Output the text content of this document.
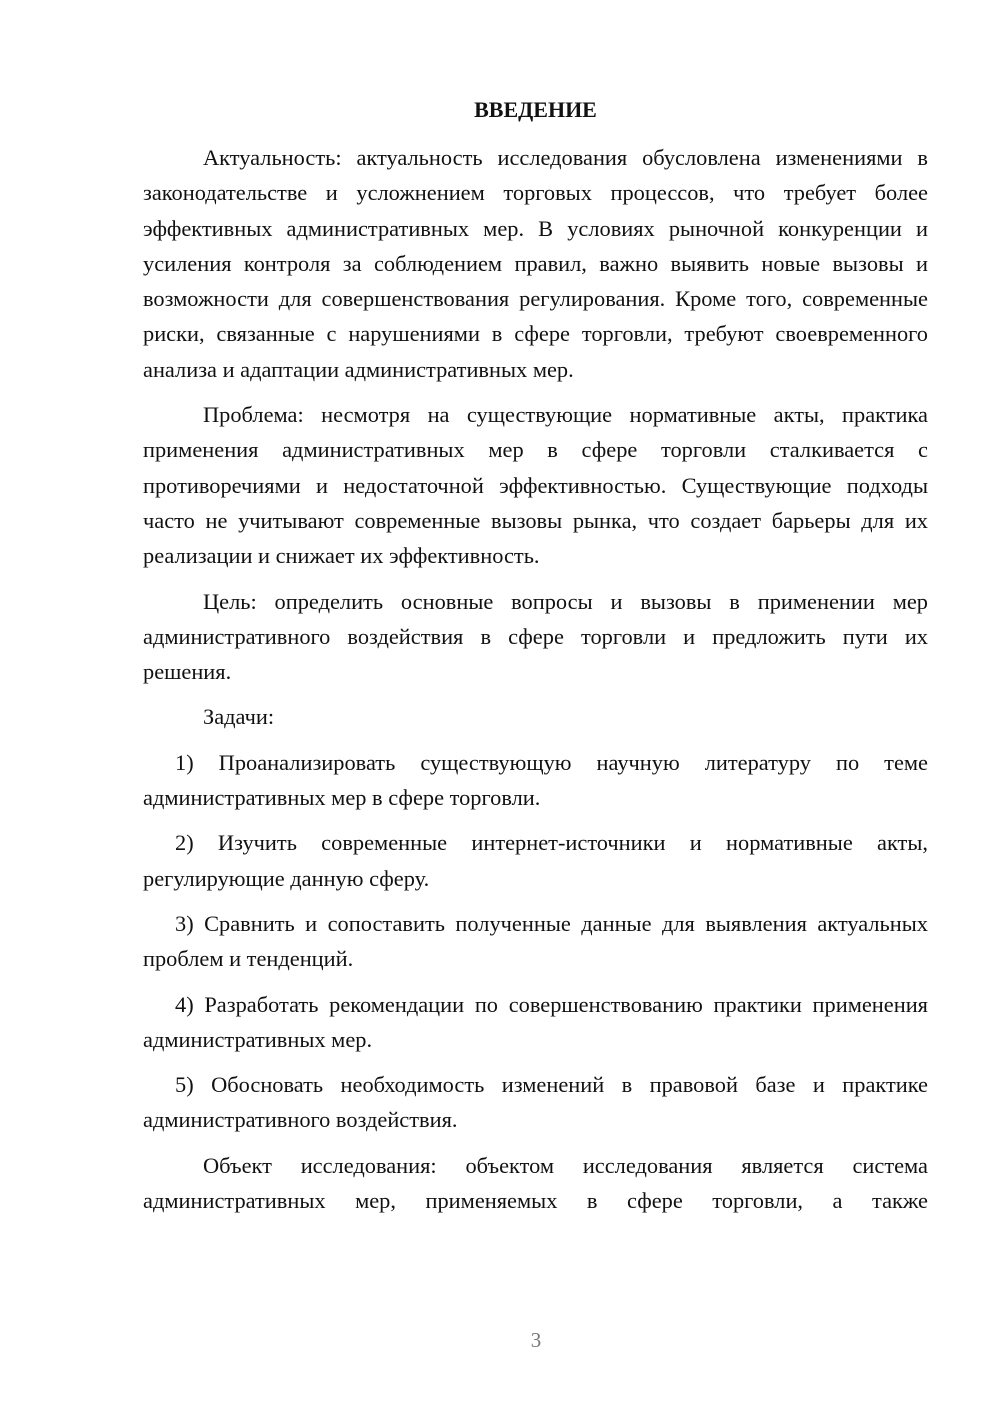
ВВЕДЕНИЕ

Актуальность: актуальность исследования обусловлена изменениями в законодательстве и усложнением торговых процессов, что требует более эффективных административных мер. В условиях рыночной конкуренции и усиления контроля за соблюдением правил, важно выявить новые вызовы и возможности для совершенствования регулирования. Кроме того, современные риски, связанные с нарушениями в сфере торговли, требуют своевременного анализа и адаптации административных мер.

Проблема: несмотря на существующие нормативные акты, практика применения административных мер в сфере торговли сталкивается с противоречиями и недостаточной эффективностью. Существующие подходы часто не учитывают современные вызовы рынка, что создает барьеры для их реализации и снижает их эффективность.

Цель: определить основные вопросы и вызовы в применении мер административного воздействия в сфере торговли и предложить пути их решения.

Задачи:

1) Проанализировать существующую научную литературу по теме административных мер в сфере торговли.

2) Изучить современные интернет-источники и нормативные акты, регулирующие данную сферу.

3) Сравнить и сопоставить полученные данные для выявления актуальных проблем и тенденций.

4) Разработать рекомендации по совершенствованию практики применения административных мер.

5) Обосновать необходимость изменений в правовой базе и практике административного воздействия.

Объект исследования: объектом исследования является система административных мер, применяемых в сфере торговли, а также

3
